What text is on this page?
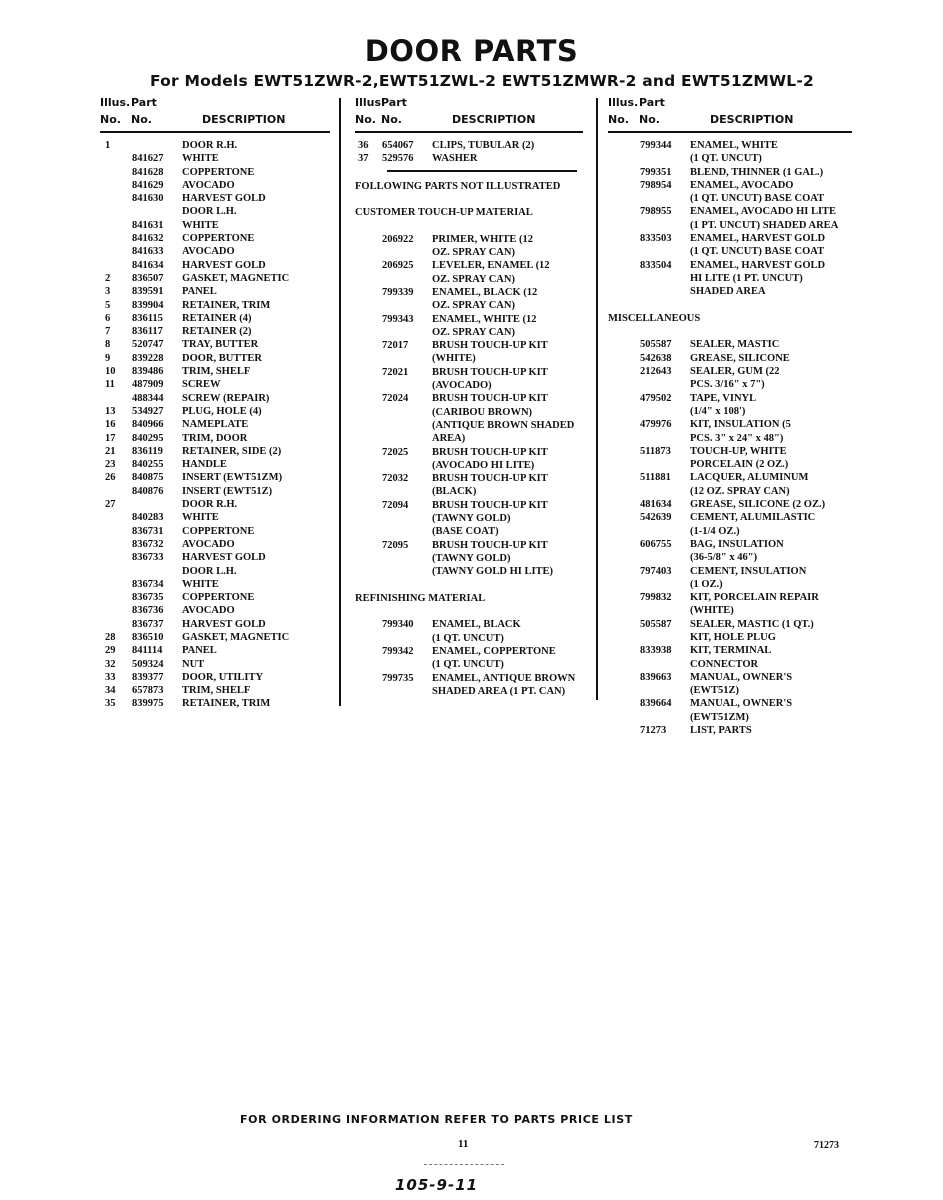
DOOR PARTS
For Models EWT51ZWR-2,EWT51ZWL-2 EWT51ZMWR-2 and EWT51ZMWL-2
Illus. Part
No. No.	DESCRIPTION
1	DOOR R.H.
841627 WHITE
841628 COPPERTONE
841629 AVOCADO
841630 HARVEST GOLD
DOOR L.H.
841631 WHITE
841632 COPPERTONE
841633 AVOCADO
841634 HARVEST GOLD
2 836507 GASKET, MAGNETIC
3 839591 PANEL
5 839904 RETAINER, TRIM
6 836115 RETAINER (4)
7 836117 RETAINER (2)
8 520747 TRAY, BUTTER
9 839228 DOOR, BUTTER
10 839486 TRIM, SHELF
11 487909 SCREW
488344 SCREW (REPAIR)
13 534927 PLUG, HOLE (4)
16 840966 NAMEPLATE
17 840295 TRIM, DOOR
21 836119 RETAINER, SIDE (2)
23 840255 HANDLE
26 840875 INSERT (EWT51ZM)
840876 INSERT (EWT51Z)
27	DOOR R.H.
840283 WHITE
836731 COPPERTONE
836732 AVOCADO
836733 HARVEST GOLD
DOOR L.H.
836734 WHITE
836735 COPPERTONE
836736 AVOCADO
836737 HARVEST GOLD
28 836510 GASKET, MAGNETIC
29 841114 PANEL
32 509324 NUT
33 839377 DOOR, UTILITY
34 657873 TRIM, SHELF
35 839975 RETAINER, TRIM
Illus.
Part
No. No.	DESCRIPTION
36 654067 CLIPS, TUBULAR (2)
37 529576 WASHER
FOLLOWING PARTS NOT ILLUSTRATED
CUSTOMER TOUCH-UP MATERIAL
206922 PRIMER, WHITE (12
OZ. SPRAY CAN)
206925 LEVELER, ENAMEL (12
OZ. SPRAY CAN)
799339 ENAMEL, BLACK (12
OZ. SPRAY CAN)
799343 ENAMEL, WHITE (12
OZ. SPRAY CAN)
72017 BRUSH TOUCH-UP KIT
(WHITE)
72021 BRUSH TOUCH-UP KIT
(AVOCADO)
72024 BRUSH TOUCH-UP KIT
(CARIBOU BROWN)
(ANTIQUE BROWN SHADED
AREA)
72025 BRUSH TOUCH-UP KIT
(AVOCADO HI LITE)
72032 BRUSH TOUCH-UP KIT
(BLACK)
72094 BRUSH TOUCH-UP KIT
(TAWNY GOLD)
(BASE COAT)
72095 BRUSH TOUCH-UP KIT
(TAWNY GOLD)
(TAWNY GOLD HI LITE)
REFINISHING MATERIAL
799340 ENAMEL, BLACK
(1 QT. UNCUT)
799342 ENAMEL, COPPERTONE
(1 QT. UNCUT)
799735 ENAMEL, ANTIQUE BROWN
SHADED AREA (1 PT. CAN)
Illus. Part
No. No.	DESCRIPTION
799344 ENAMEL, WHITE
(1 QT. UNCUT)
799351 BLEND, THINNER (1 GAL.)
798954 ENAMEL, AVOCADO
(1 QT. UNCUT) BASE COAT
798955 ENAMEL, AVOCADO HI LITE
(1 PT. UNCUT) SHADED AREA
833503 ENAMEL, HARVEST GOLD
(1 QT. UNCUT) BASE COAT
833504 ENAMEL, HARVEST GOLD
HI LITE (1 PT. UNCUT)
SHADED AREA
MISCELLANEOUS
505587 SEALER, MASTIC
542638 GREASE, SILICONE
212643 SEALER, GUM (22
PCS. 3/16" x 7")
479502 TAPE, VINYL
(1/4" x 108')
479976 KIT, INSULATION (5
PCS. 3" x 24" x 48")
511873 TOUCH-UP, WHITE
PORCELAIN (2 OZ.)
511881 LACQUER, ALUMINUM
(12 OZ. SPRAY CAN)
481634 GREASE, SILICONE (2 OZ.)
542639 CEMENT, ALUMILASTIC
(1-1/4 OZ.)
606755 BAG, INSULATION
(36-5/8" x 46")
797403 CEMENT, INSULATION
(1 OZ.)
799832 KIT, PORCELAIN REPAIR
(WHITE)
505587 SEALER, MASTIC (1 QT.)
KIT, HOLE PLUG
833938 KIT, TERMINAL
CONNECTOR
839663 MANUAL, OWNER'S
(EWT51Z)
839664 MANUAL, OWNER'S
(EWT51ZM)
71273 LIST, PARTS
FOR ORDERING INFORMATION REFER TO PARTS PRICE LIST
11	71273
105-9-11
